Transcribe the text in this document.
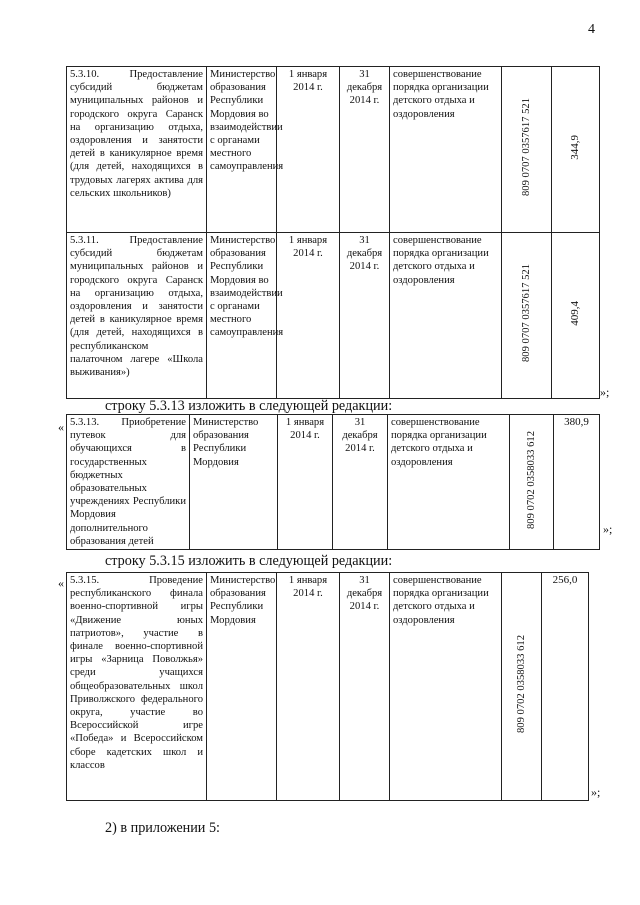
4
5.3.10. Предоставление субсидий бюджетам муниципальных районов и городского округа Саранск на организацию отдыха, оздоровления и занятости детей в каникулярное время (для детей, находящихся в трудовых лагерях актива для сельских школьников)	Министерство образования Республики Мордовия во взаимодействии с органами местного самоуправления	1 января 2014 г.	31 декабря 2014 г.	совершенствование порядка организации детского отдыха и оздоровления	809 0707 0357617 521	344,9
5.3.11. Предоставление субсидий бюджетам муниципальных районов и городского округа Саранск на организацию отдыха, оздоровления и занятости детей в каникулярное время (для детей, находящихся в республиканском палаточном лагере «Школа выживания»)	Министерство образования Республики Мордовия во взаимодействии с органами местного самоуправления	1 января 2014 г.	31 декабря 2014 г.	совершенствование порядка организации детского отдыха и оздоровления	809 0707 0357617 521	409,4
»;
строку 5.3.13 изложить в следующей редакции:
« 5.3.13. Приобретение путевок для обучающихся в государственных бюджетных образовательных учреждениях Республики Мордовия дополнительного образования детей	Министерство образования Республики Мордовия	1 января 2014 г.	31 декабря 2014 г.	совершенствование порядка организации детского отдыха и оздоровления	809 0702 0358033 612	380,9
»;
строку 5.3.15 изложить в следующей редакции:
« 5.3.15. Проведение республиканского финала военно-спортивной игры «Движение юных патриотов», участие в финале военно-спортивной игры «Зарница Поволжья» среди учащихся общеобразовательных школ Приволжского федерального округа, участие во Всероссийской игре «Победа» и Всероссийском сборе кадетских школ и классов	Министерство образования Республики Мордовия	1 января 2014 г.	31 декабря 2014 г.	совершенствование порядка организации детского отдыха и оздоровления	809 0702 0358033 612	256,0
»;
2) в приложении 5:
